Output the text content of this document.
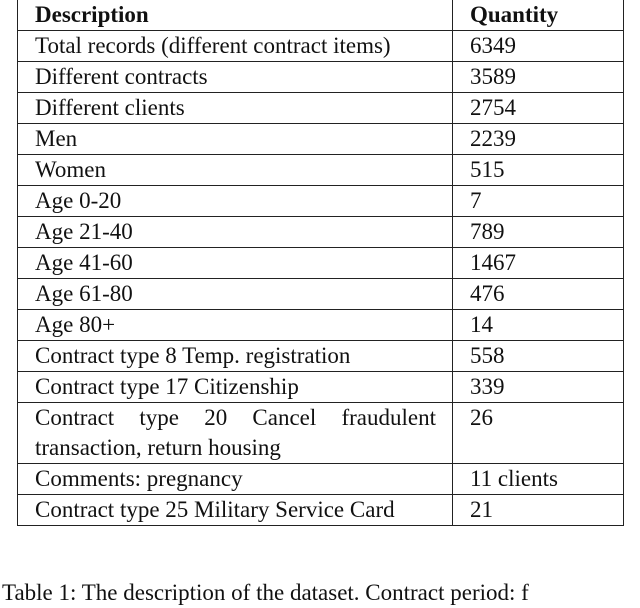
Description	Quantity
Total records (different contract items)	6349
Different contracts	3589
Different clients	2754
Men	2239
Women	515
Age 0-20	7
Age 21-40	789
Age 41-60	1467
Age 61-80	476
Age 80+	14
Contract type 8 Temp. registration	558
Contract type 17 Citizenship	339
Contract type 20 Cancel fraudulent transaction, return housing	26
Comments: pregnancy	11 clients
Contract type 25 Military Service Card	21
Table 1: The description of the dataset. Contract period: f
